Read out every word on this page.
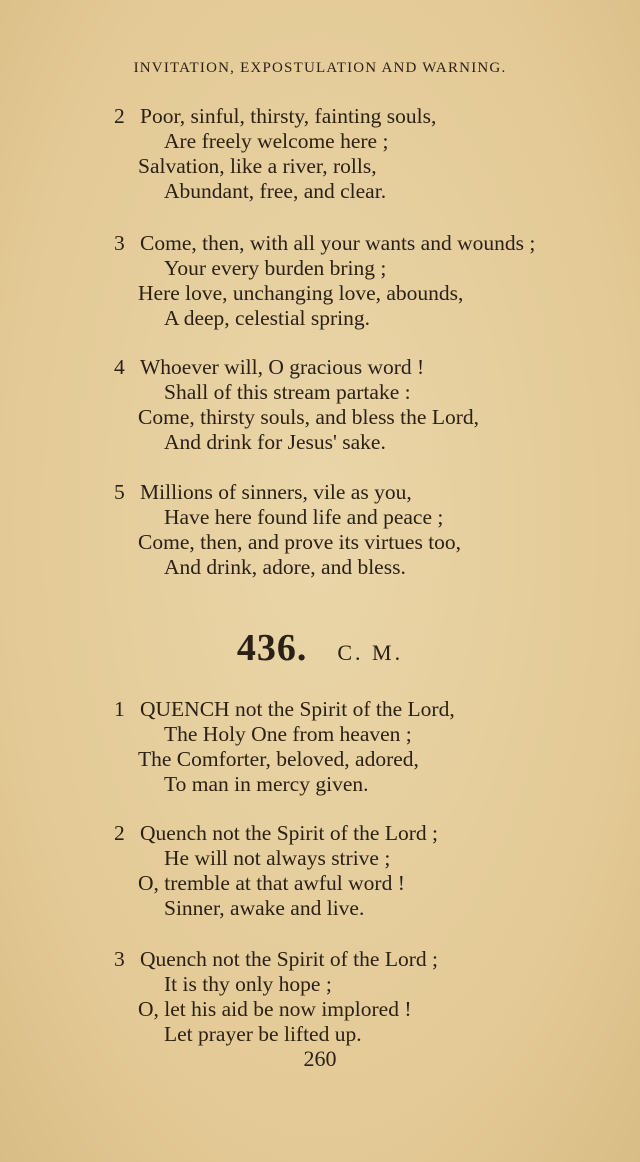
INVITATION, EXPOSTULATION AND WARNING.
2 Poor, sinful, thirsty, fainting souls,
Are freely welcome here ;
Salvation, like a river, rolls,
Abundant, free, and clear.
3 Come, then, with all your wants and wounds ;
Your every burden bring ;
Here love, unchanging love, abounds,
A deep, celestial spring.
4 Whoever will, O gracious word !
Shall of this stream partake :
Come, thirsty souls, and bless the Lord,
And drink for Jesus' sake.
5 Millions of sinners, vile as you,
Have here found life and peace ;
Come, then, and prove its virtues too,
And drink, adore, and bless.
436. C. M.
1 QUENCH not the Spirit of the Lord,
The Holy One from heaven ;
The Comforter, beloved, adored,
To man in mercy given.
2 Quench not the Spirit of the Lord ;
He will not always strive ;
O, tremble at that awful word !
Sinner, awake and live.
3 Quench not the Spirit of the Lord ;
It is thy only hope ;
O, let his aid be now implored !
Let prayer be lifted up.
260
